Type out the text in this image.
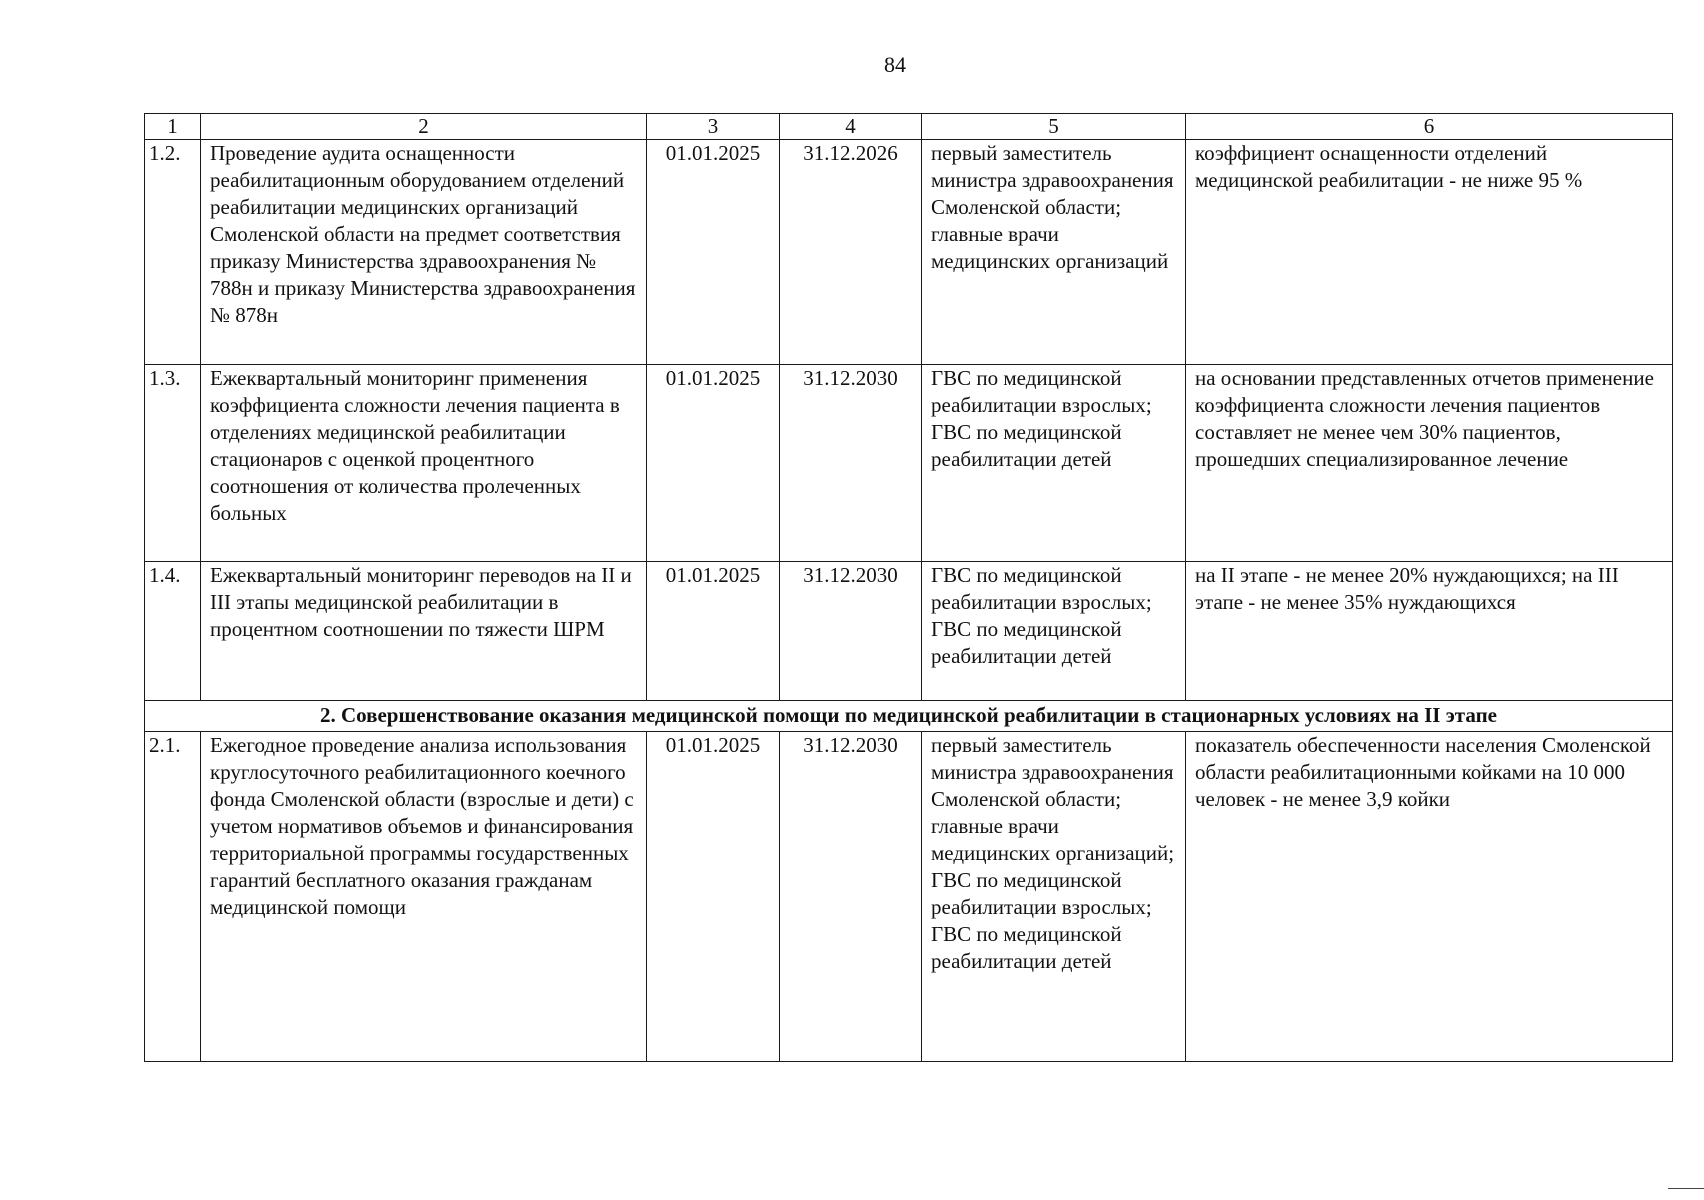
84
1	2	3	4	5	6
1.2.	Проведение аудита оснащенности реабилитационным оборудованием отделений реабилитации медицинских организаций Смоленской области на предмет соответствия приказу Министерства здравоохранения № 788н и приказу Министерства здравоохранения № 878н	01.01.2025	31.12.2026	первый заместитель министра здравоохранения Смоленской области; главные врачи медицинских организаций	коэффициент оснащенности отделений медицинской реабилитации - не ниже 95 %
1.3.	Ежеквартальный мониторинг применения коэффициента сложности лечения пациента в отделениях медицинской реабилитации стационаров с оценкой процентного соотношения от количества пролеченных больных	01.01.2025	31.12.2030	ГВС по медицинской реабилитации взрослых; ГВС по медицинской реабилитации детей	на основании представленных отчетов применение коэффициента сложности лечения пациентов составляет не менее чем 30% пациентов, прошедших специализированное лечение
1.4.	Ежеквартальный мониторинг переводов на II и III этапы медицинской реабилитации в процентном соотношении по тяжести ШРМ	01.01.2025	31.12.2030	ГВС по медицинской реабилитации взрослых; ГВС по медицинской реабилитации детей	на II этапе - не менее 20% нуждающихся; на III этапе - не менее 35% нуждающихся
2. Совершенствование оказания медицинской помощи по медицинской реабилитации в стационарных условиях на II этапе					
2.1.	Ежегодное проведение анализа использования круглосуточного реабилитационного коечного фонда Смоленской области (взрослые и дети) с учетом нормативов объемов и финансирования территориальной программы государственных гарантий бесплатного оказания гражданам медицинской помощи	01.01.2025	31.12.2030	первый заместитель министра здравоохранения Смоленской области; главные врачи медицинских организаций; ГВС по медицинской реабилитации взрослых; ГВС по медицинской реабилитации детей	показатель обеспеченности населения Смоленской области реабилитационными койками на 10 000 человек - не менее 3,9 койки
